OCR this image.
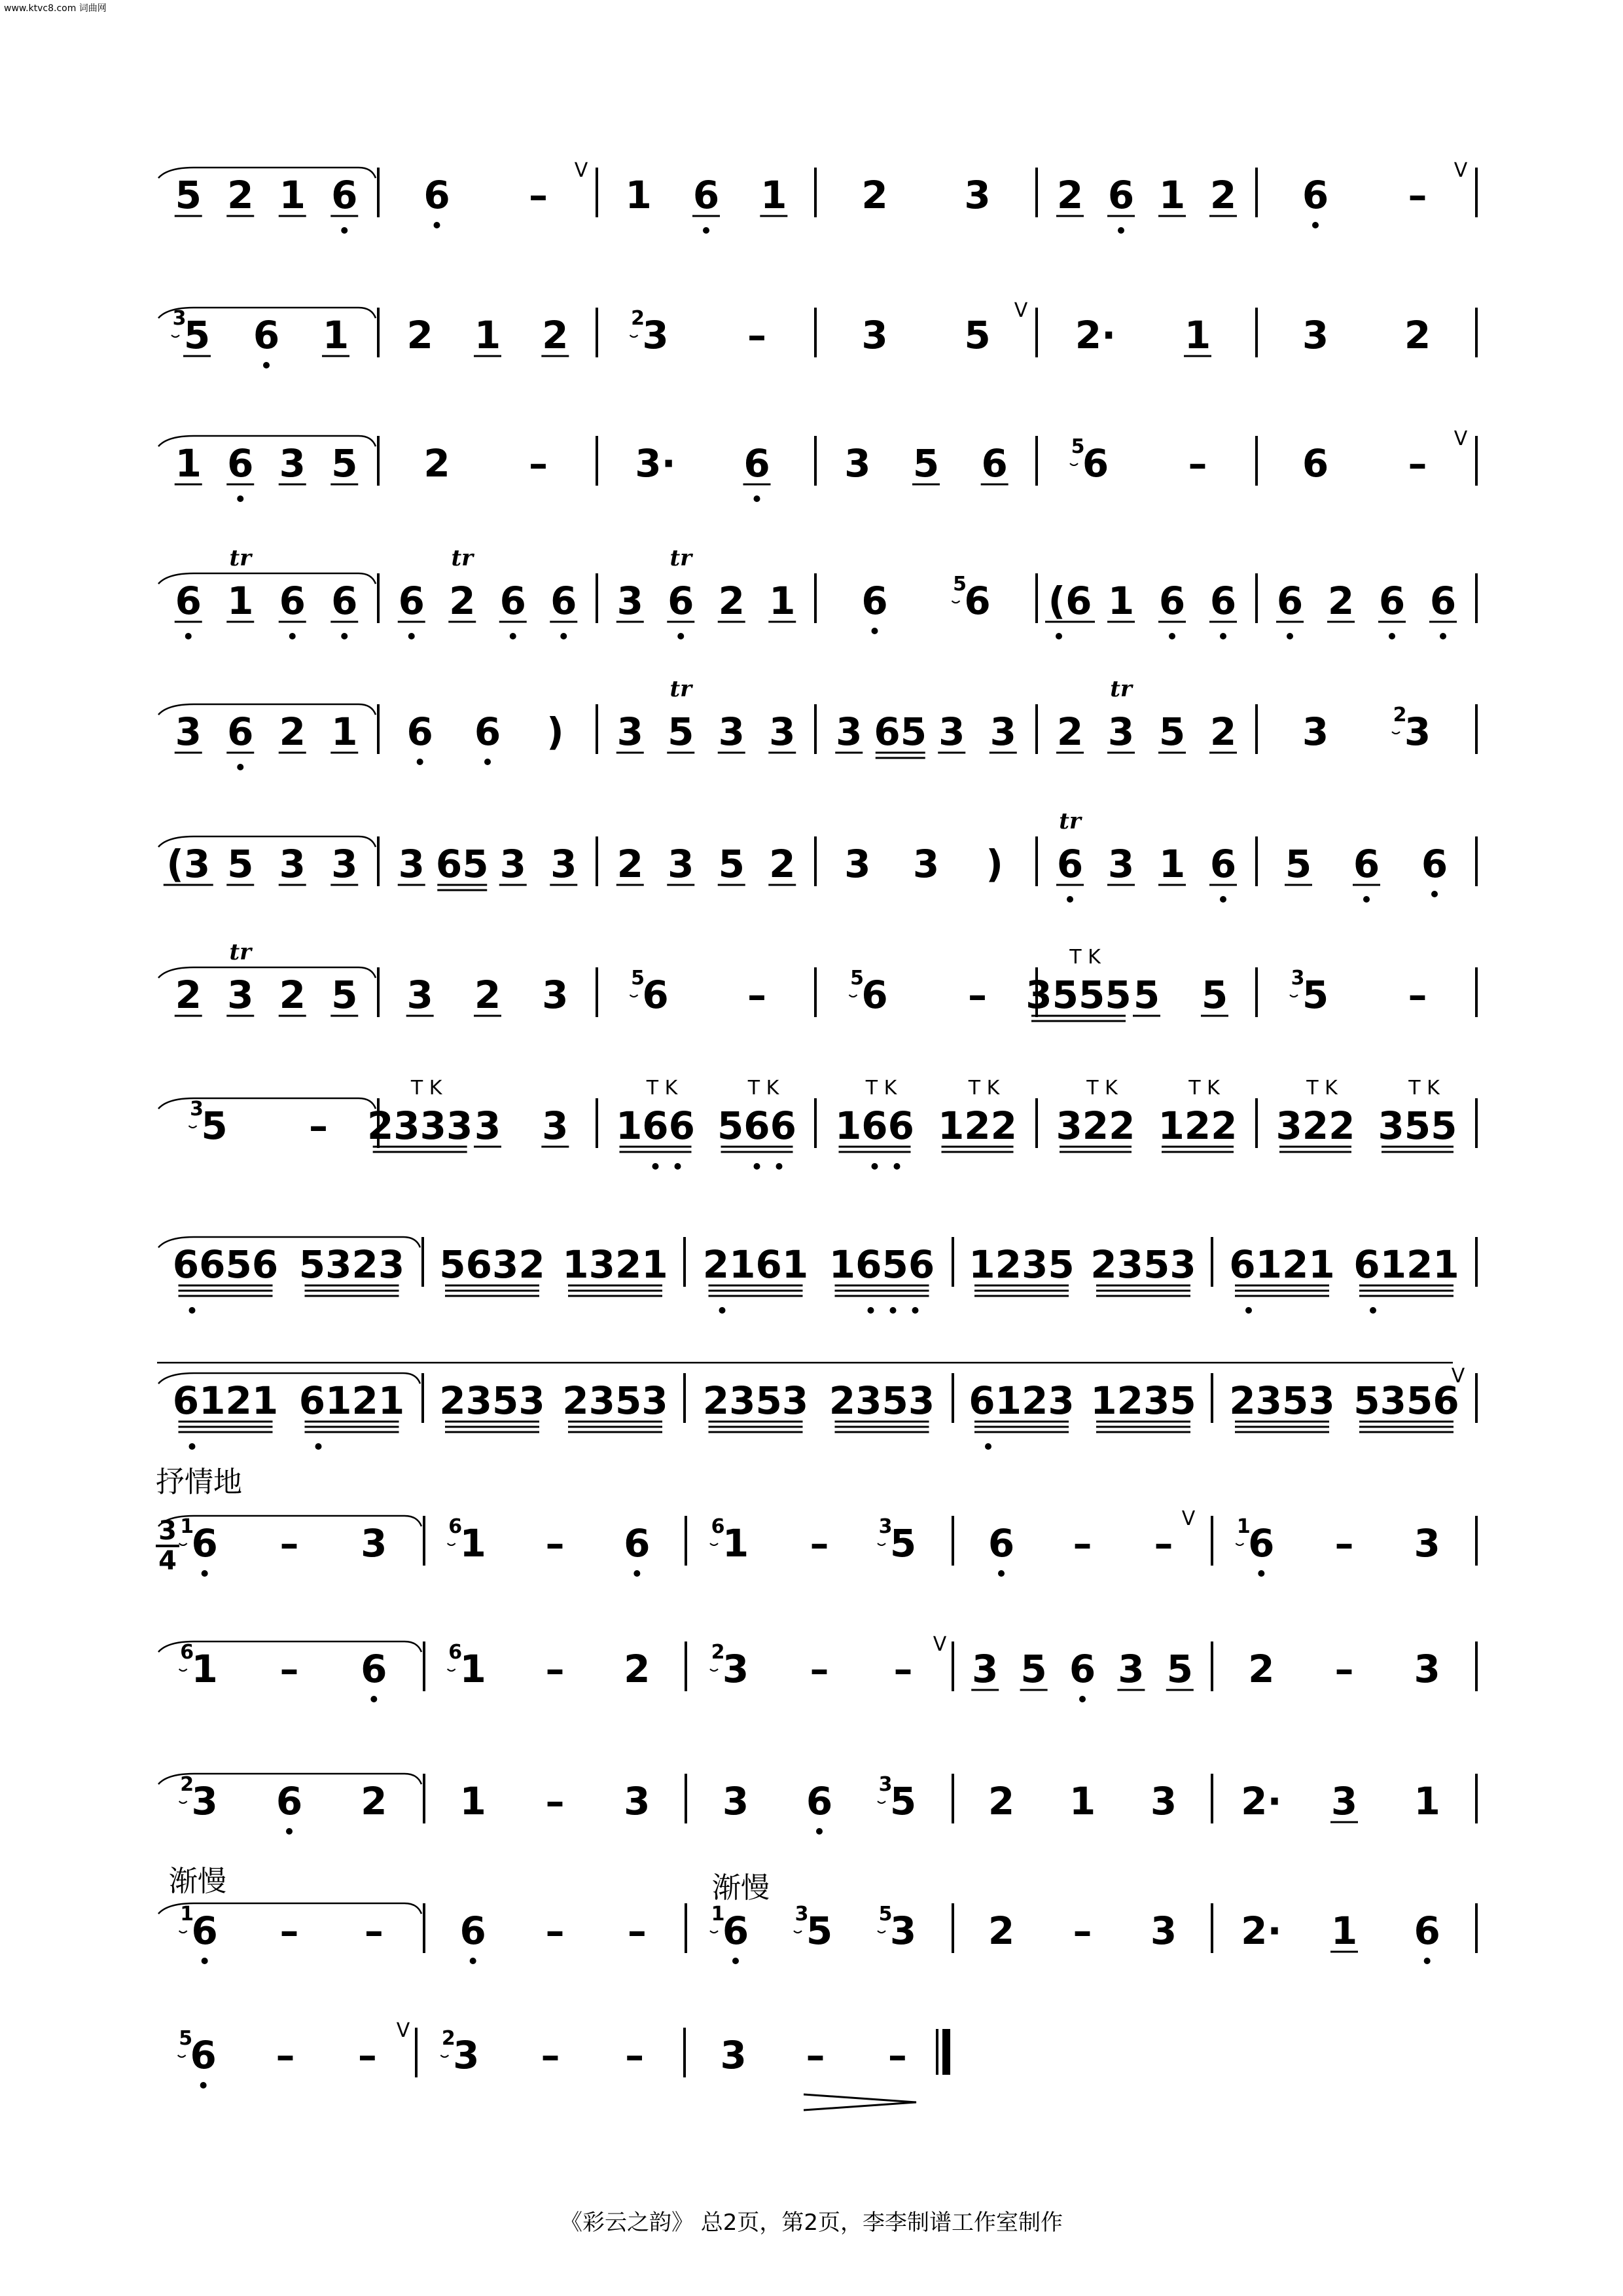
5 2 1 6 6 – 1 6 1 2 3 2 6 1 2 6 –
5
3 6 1 2 1 2 3
2	–	3 5 2· 1 3 2
1 6 3 5 2 – 3· 6 3 5 6 6
5	–	6 –
6 1
tr
6 6 6 2
tr
6 6 3 6
tr
2 1 6 6
5 (6 1 6 6 6 2 6 6
3 6 2 1 6 6 ) 3 5
tr
3 3 3 65 3 3 2 3
tr
5 2 3 3
2
(3 5 3 3 3 65 3 3 2 3 5 2 3 3 ) 6
tr
3 1 6 5 6 6
2 3
tr
2 5 3 2 3 6
5	–	6
5	– 3555
T K
5 5 5
3	–
5
3	– 2333
T K
3 3 166
T K
566
T K
166
T K
122
T K
322
T K
122
T K
322
T K
355
T K
6656 5323 5632 1321 2161 1656 1235 2353 6121 6121
6121 6121 2353 2353 2353 2353 6123 1235 2353 5356
6
1 – 3 1
6 – 6 1
6 – 5
3	6 – – 6
1 – 3
1
6 – 6 1
6 – 2 3
2 – – 3 5 6 3 5 2 – 3
3
2 6 2 1 – 3 3 6 5
3	2 1 3 2· 3 1
6
1 – – 6 – – 6
1 5
3 3
5	2 – 3 2· 1 6
6
5 – – 3
2 – – 3 – –
3
4
V	V
V
V
V
V
V
V
www.ktvc8.com 词曲网
抒情地
渐慢	渐慢
《彩云之韵》 总2页，第2页，李李制谱工作室制作
